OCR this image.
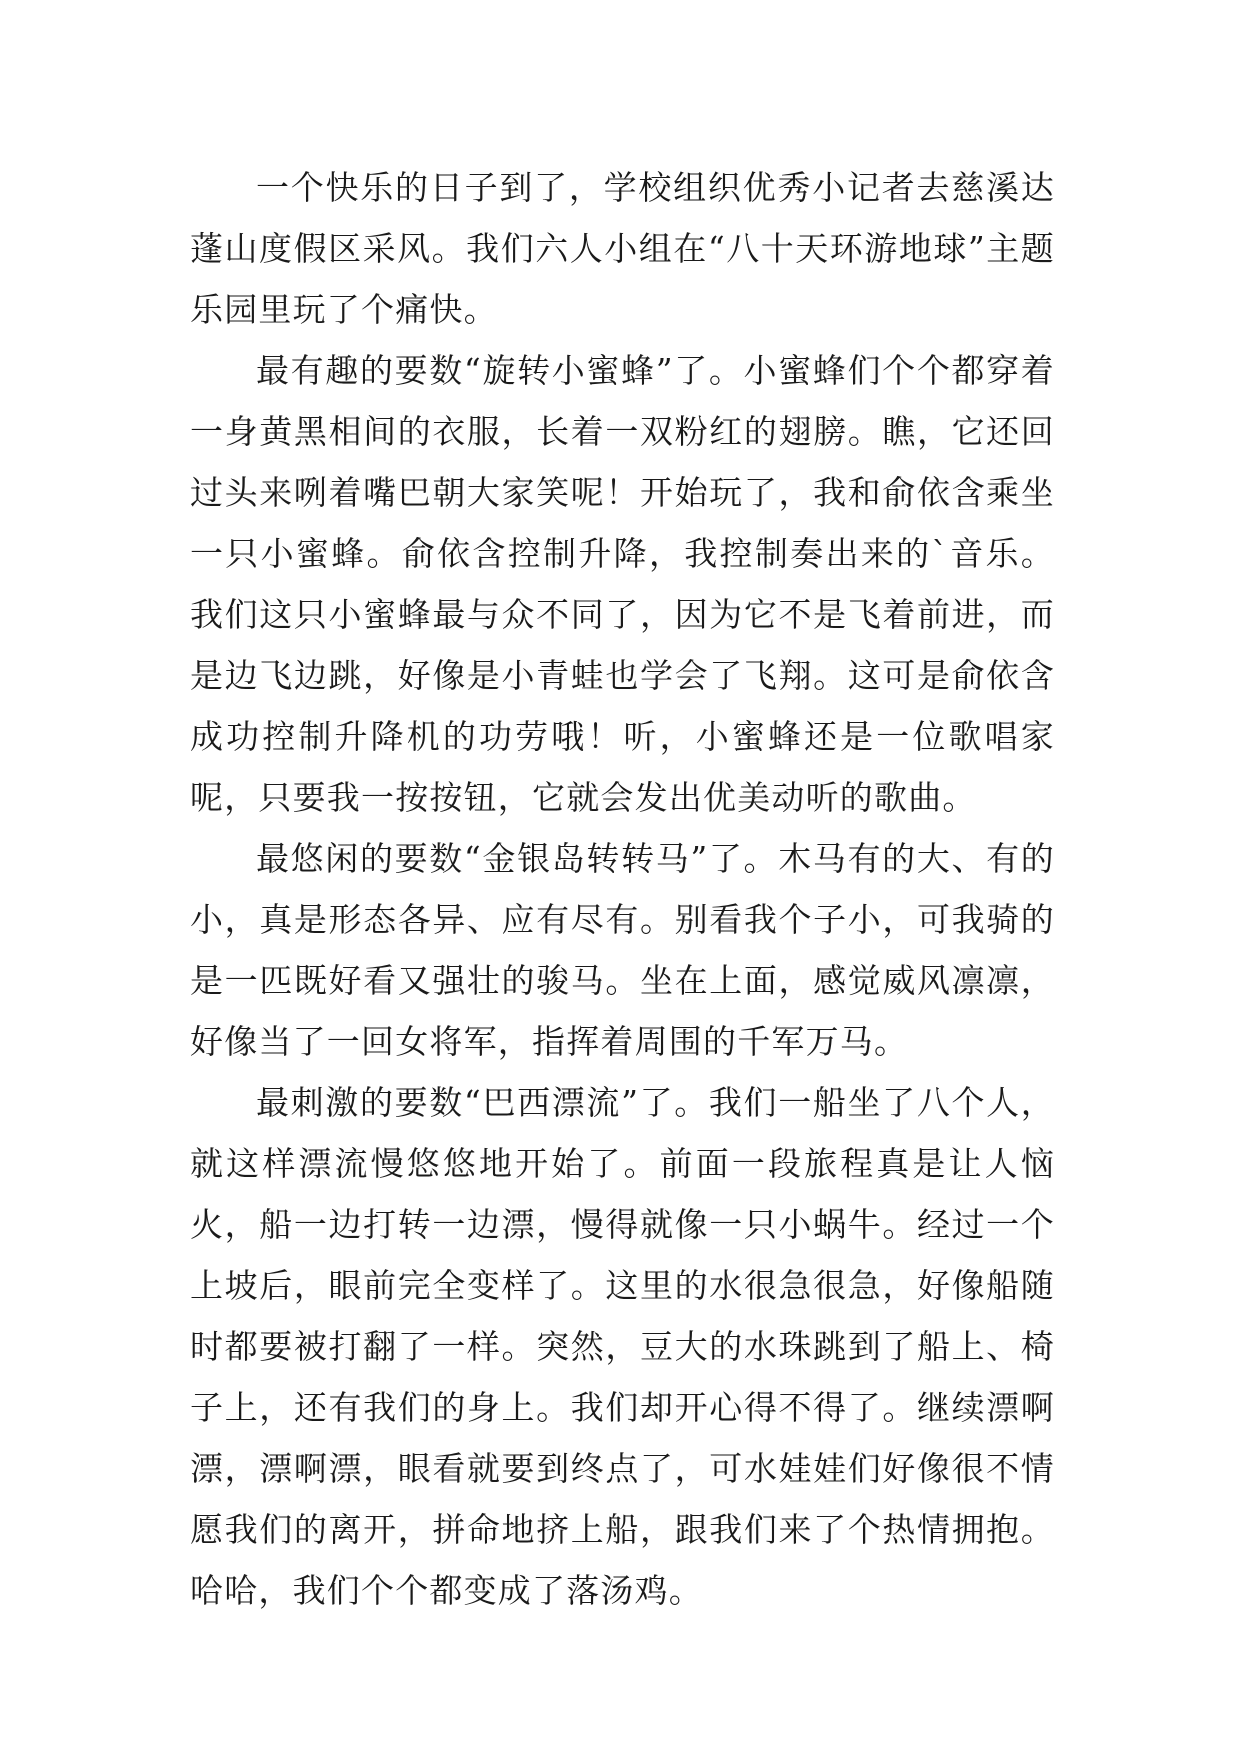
一个快乐的日子到了，学校组织优秀小记者去慈溪达蓬山度假区采风。我们六人小组在“八十天环游地球”主题乐园里玩了个痛快。

最有趣的要数“旋转小蜜蜂”了。小蜜蜂们个个都穿着一身黄黑相间的衣服，长着一双粉红的翅膀。瞧，它还回过头来咧着嘴巴朝大家笑呢！开始玩了，我和俞依含乘坐一只小蜜蜂。俞依含控制升降，我控制奏出来的`音乐。我们这只小蜜蜂最与众不同了，因为它不是飞着前进，而是边飞边跳，好像是小青蛙也学会了飞翔。这可是俞依含成功控制升降机的功劳哦！听，小蜜蜂还是一位歌唱家呢，只要我一按按钮，它就会发出优美动听的歌曲。

最悠闲的要数“金银岛转转马”了。木马有的大、有的小，真是形态各异、应有尽有。别看我个子小，可我骑的是一匹既好看又强壮的骏马。坐在上面，感觉威风凛凛，好像当了一回女将军，指挥着周围的千军万马。

最刺激的要数“巴西漂流”了。我们一船坐了八个人，就这样漂流慢悠悠地开始了。前面一段旅程真是让人恼火，船一边打转一边漂，慢得就像一只小蜗牛。经过一个上坡后，眼前完全变样了。这里的水很急很急，好像船随时都要被打翻了一样。突然，豆大的水珠跳到了船上、椅子上，还有我们的身上。我们却开心得不得了。继续漂啊漂，漂啊漂，眼看就要到终点了，可水娃娃们好像很不情愿我们的离开，拼命地挤上船，跟我们来了个热情拥抱。哈哈，我们个个都变成了落汤鸡。
